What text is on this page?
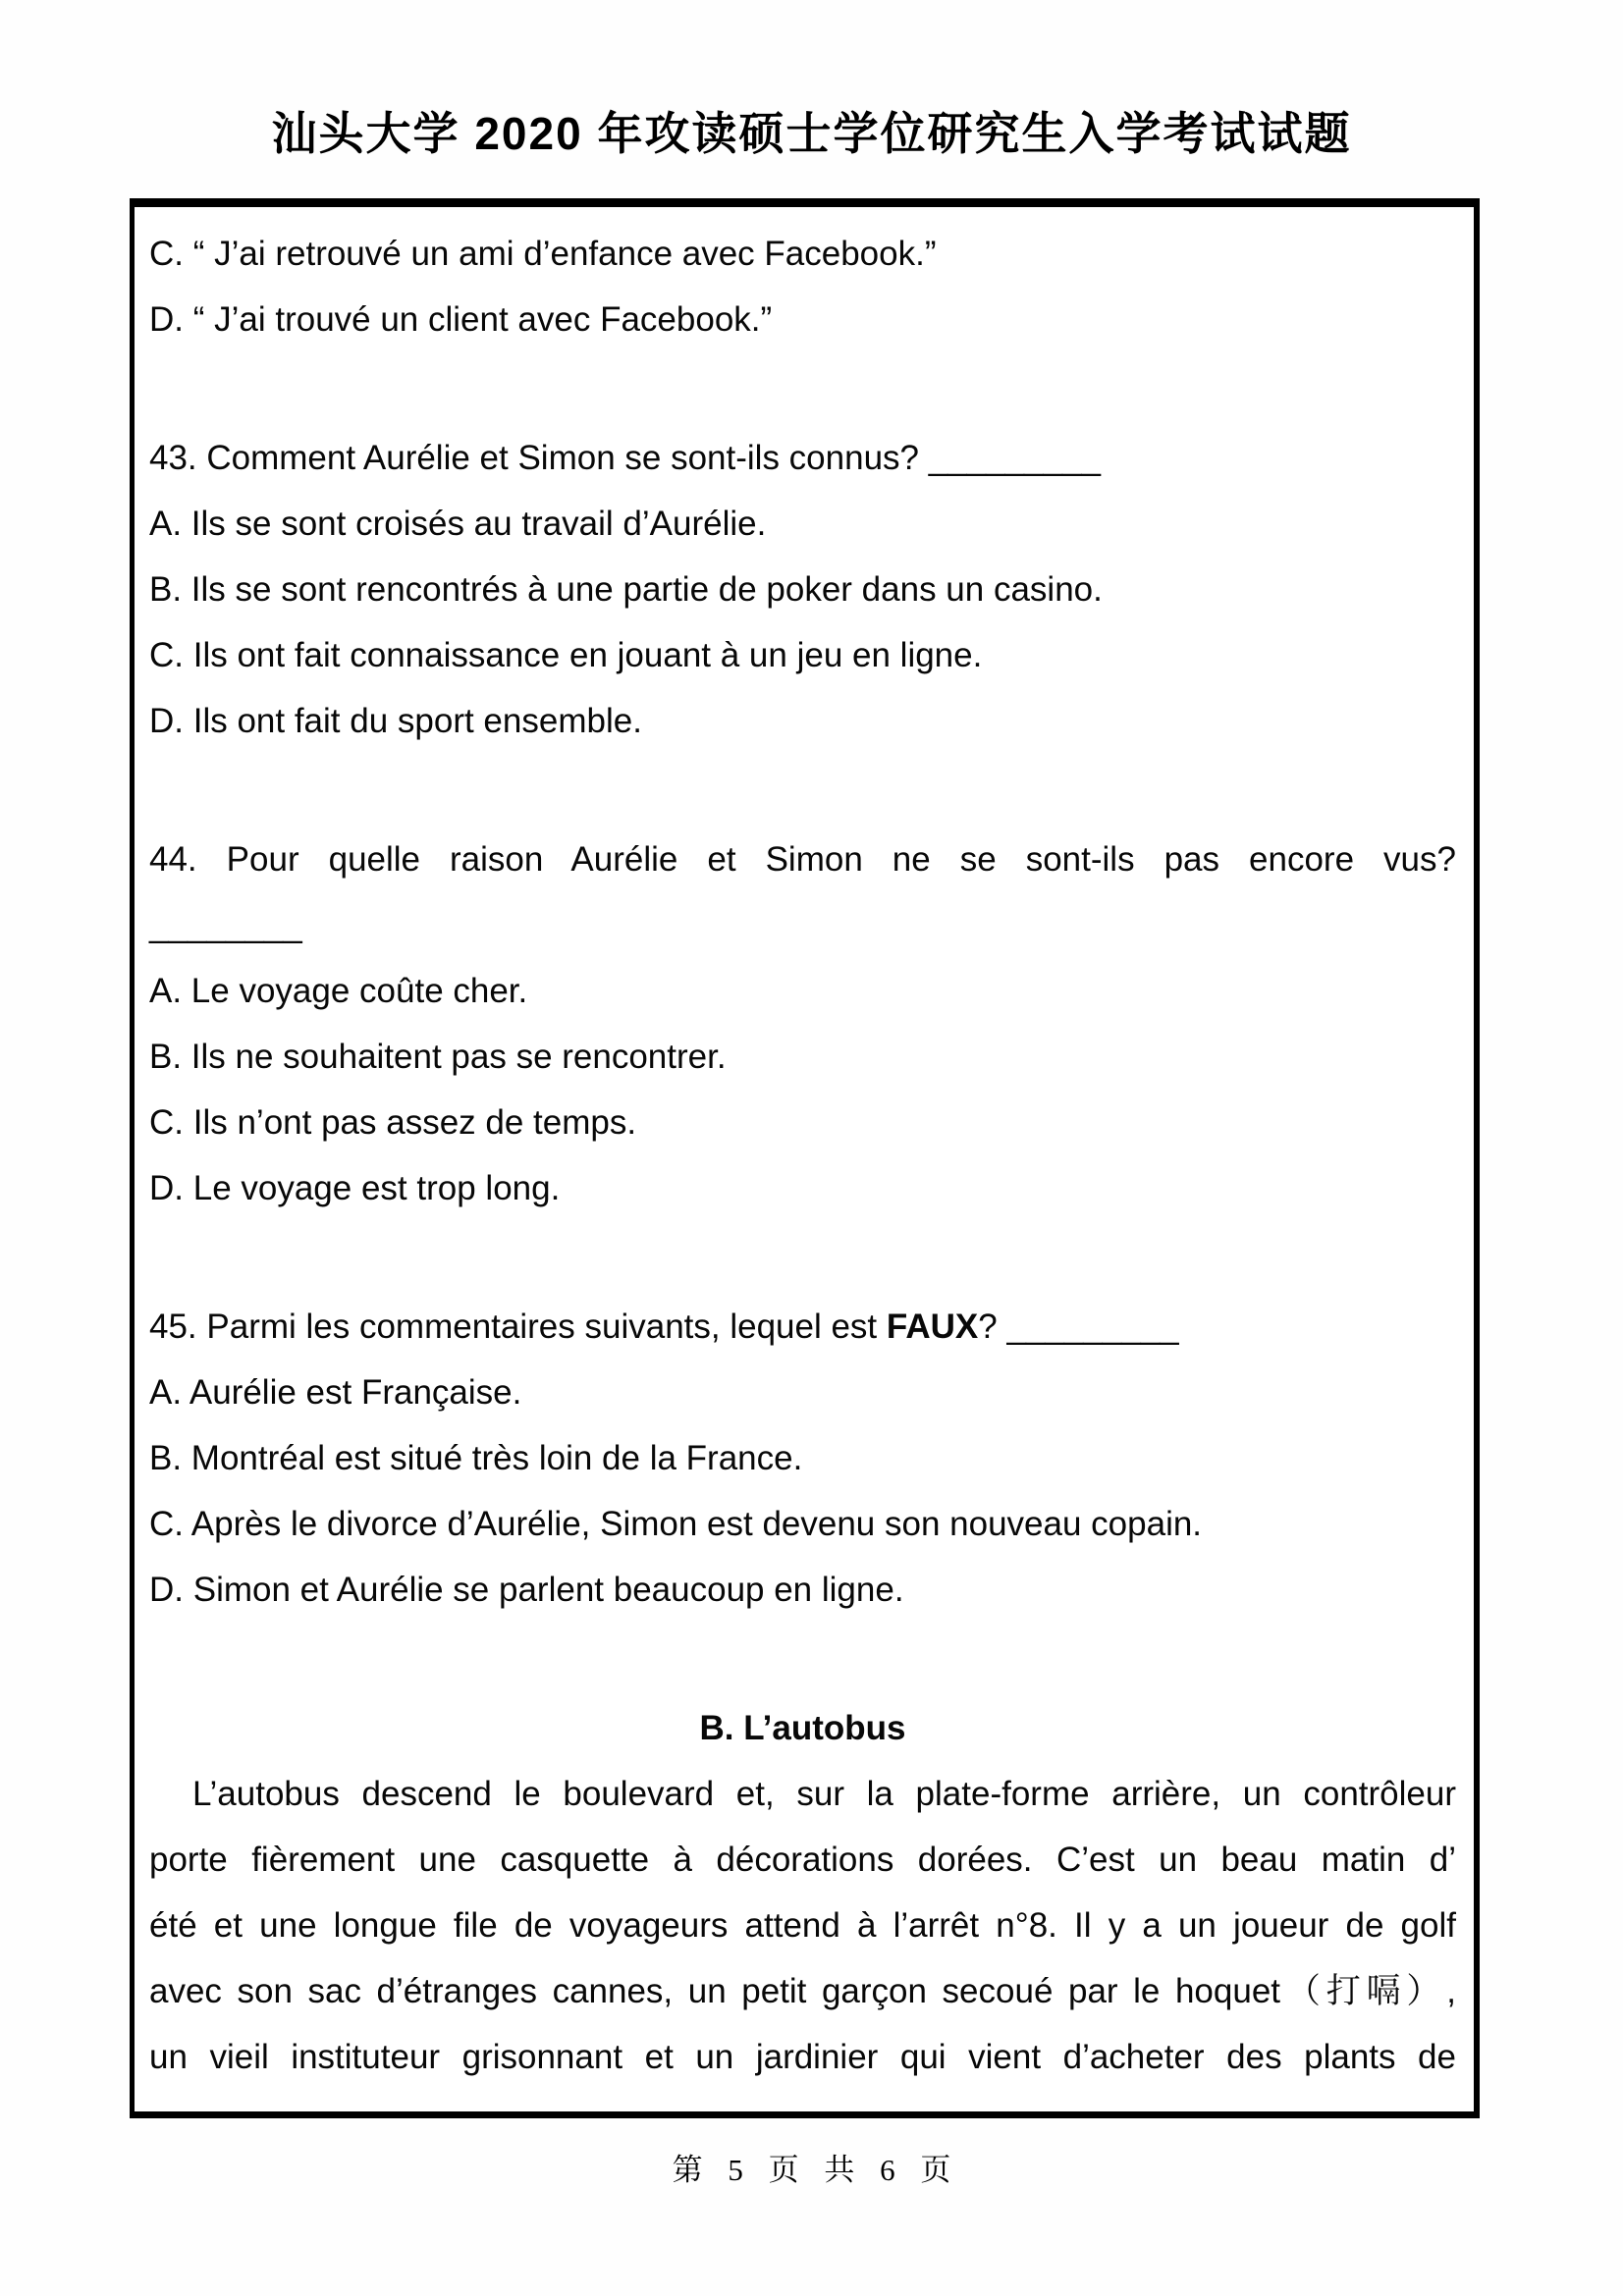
汕头大学 2020 年攻读硕士学位研究生入学考试试题
C. “ J’ai retrouvé un ami d’enfance avec Facebook.”
D. “ J’ai trouvé un client avec Facebook.”
43. Comment Aurélie et Simon se sont-ils connus? _________
A. Ils se sont croisés au travail d’Aurélie.
B. Ils se sont rencontrés à une partie de poker dans un casino.
C. Ils ont fait connaissance en jouant à un jeu en ligne.
D. Ils ont fait du sport ensemble.
44. Pour quelle raison Aurélie et Simon ne se sont-ils pas encore vus?
________
A. Le voyage coûte cher.
B. Ils ne souhaitent pas se rencontrer.
C. Ils n’ont pas assez de temps.
D. Le voyage est trop long.
45. Parmi les commentaires suivants, lequel est FAUX? _________
A. Aurélie est Française.
B. Montréal est situé très loin de la France.
C. Après le divorce d’Aurélie, Simon est devenu son nouveau copain.
D. Simon et Aurélie se parlent beaucoup en ligne.
B. L’autobus
L’autobus descend le boulevard et, sur la plate-forme arrière, un contrôleur
porte fièrement une casquette à décorations dorées. C’est un beau matin d’
été et une longue file de voyageurs attend à l’arrêt n°8. Il y a un joueur de golf
avec son sac d’étranges cannes, un petit garçon secoué par le hoquet（打嗝）,
un vieil instituteur grisonnant et un jardinier qui vient d’acheter des plants de
第 5 页 共 6 页
